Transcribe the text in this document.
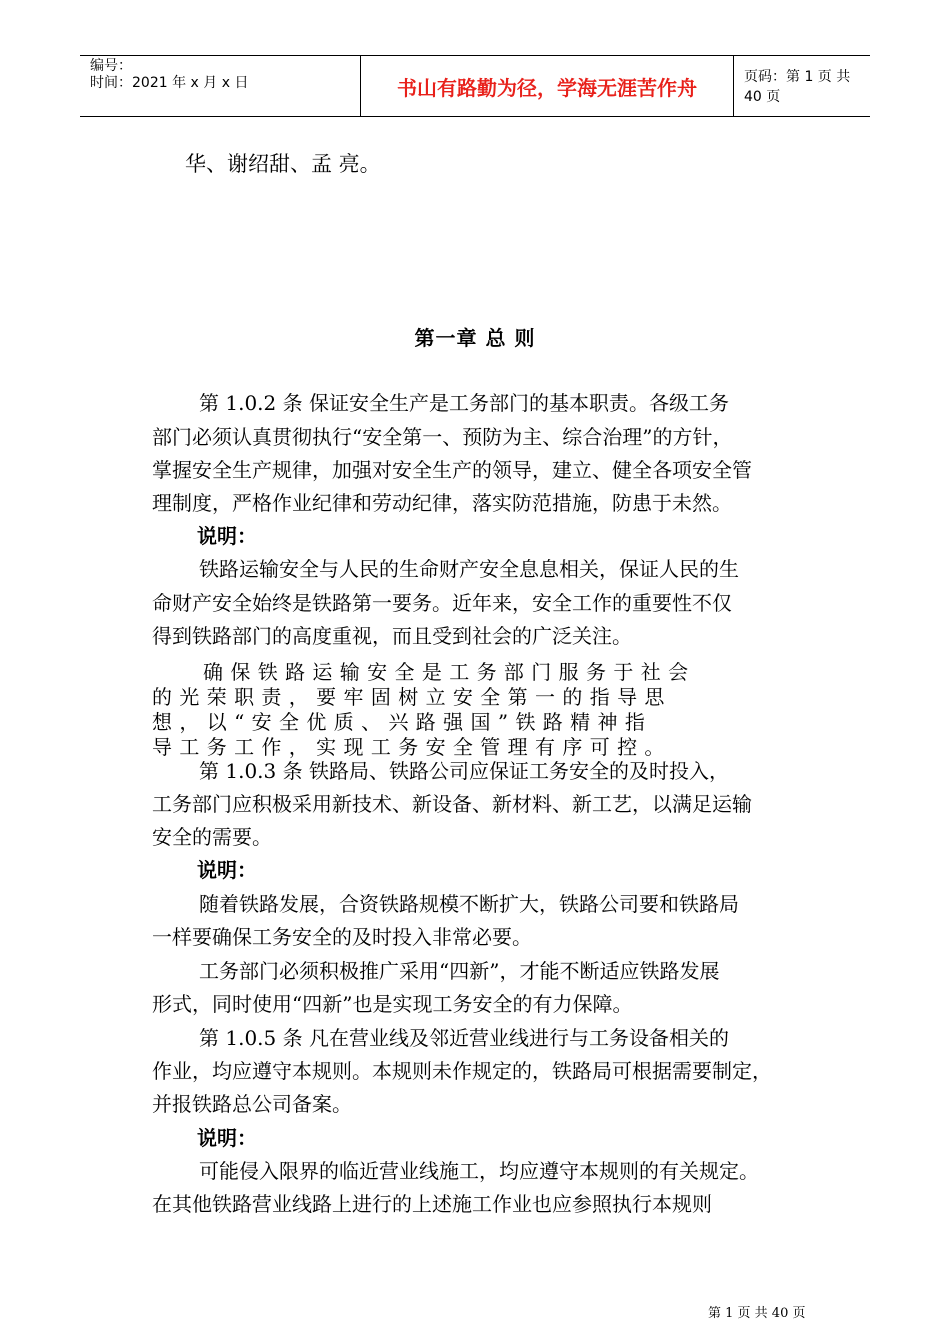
编号：
时间：2021 年 x 月 x 日	书山有路勤为径，学海无涯苦作舟	页码：第 1 页 共 40 页
华、谢绍甜、孟 亮。
第一章 总 则
第 1.0.2 条 保证安全生产是工务部门的基本职责。各级工务
部门必须认真贯彻执行“安全第一、预防为主、综合治理”的方针，
掌握安全生产规律，加强对安全生产的领导，建立、健全各项安全管
理制度，严格作业纪律和劳动纪律，落实防范措施，防患于未然。
说明：
铁路运输安全与人民的生命财产安全息息相关，保证人民的生
命财产安全始终是铁路第一要务。近年来，安全工作的重要性不仅
得到铁路部门的高度重视，而且受到社会的广泛关注。
确 保 铁 路 运 输 安 全 是 工 务 部 门 服 务 于 社 会
的 光 荣 职 责 ， 要 牢 固 树 立 安 全 第 一 的 指 导 思
想 ， 以 “ 安 全 优 质 、 兴 路 强 国 ” 铁 路 精 神 指
导 工 务 工 作 ， 实 现 工 务 安 全 管 理 有 序 可 控 。
第 1.0.3 条 铁路局、铁路公司应保证工务安全的及时投入，
工务部门应积极采用新技术、新设备、新材料、新工艺，以满足运输
安全的需要。
说明：
随着铁路发展，合资铁路规模不断扩大，铁路公司要和铁路局
一样要确保工务安全的及时投入非常必要。
工务部门必须积极推广采用“四新”，才能不断适应铁路发展
形式，同时使用“四新”也是实现工务安全的有力保障。
第 1.0.5 条 凡在营业线及邻近营业线进行与工务设备相关的
作业，均应遵守本规则。本规则未作规定的，铁路局可根据需要制定，
并报铁路总公司备案。
说明：
可能侵入限界的临近营业线施工，均应遵守本规则的有关规定。
在其他铁路营业线路上进行的上述施工作业也应参照执行本规则
第 1 页 共 40 页
